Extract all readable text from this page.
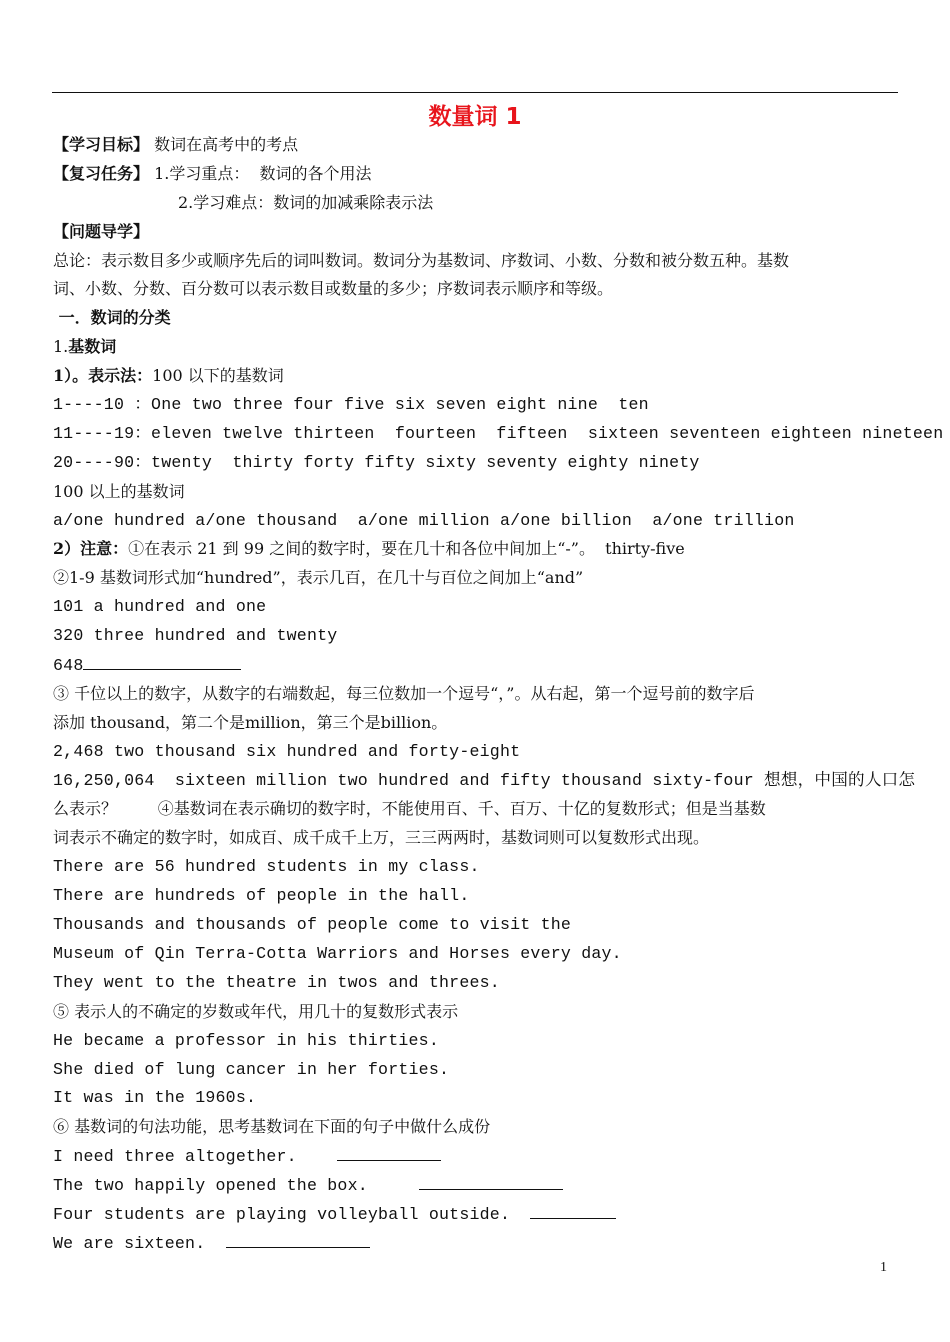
数量词 1
【学习目标】 数词在高考中的考点
【复习任务】 1.学习重点：  数词的各个用法
2.学习难点：数词的加减乘除表示法
【问题导学】
总论：表示数目多少或顺序先后的词叫数词。数词分为基数词、序数词、小数、分数和被分数五种。基数
词、小数、分数、百分数可以表示数目或数量的多少；序数词表示顺序和等级。
一．数词的分类
1.基数词
1）。表示法：100 以下的基数词
1----10 ：One two three four five six seven eight nine  ten
11----19：eleven twelve thirteen  fourteen  fifteen  sixteen seventeen eighteen nineteen
20----90：twenty  thirty forty fifty sixty seventy eighty ninety
100 以上的基数词
a/one hundred a/one thousand  a/one million a/one billion  a/one trillion
2）注意：①在表示 21 到 99 之间的数字时，要在几十和各位中间加上“-”。  thirty-five
②1-9 基数词形式加“hundred”，表示几百，在几十与百位之间加上“and”
101 a hundred and one
320 three hundred and twenty
648
③ 千位以上的数字，从数字的右端数起，每三位数加一个逗号“，”。从右起，第一个逗号前的数字后
添加 thousand，第二个是million，第三个是billion。
2,468 two thousand six hundred and forty-eight
16,250,064  sixteen million two hundred and fifty thousand sixty-four 想想，中国的人口怎
么表示？        ④基数词在表示确切的数字时，不能使用百、千、百万、十亿的复数形式；但是当基数
词表示不确定的数字时，如成百、成千成千上万，三三两两时，基数词则可以复数形式出现。
There are 56 hundred students in my class.
There are hundreds of people in the hall.
Thousands and thousands of people come to visit the
Museum of Qin Terra-Cotta Warriors and Horses every day.
They went to the theatre in twos and threes.
⑤ 表示人的不确定的岁数或年代，用几十的复数形式表示
He became a professor in his thirties.
She died of lung cancer in her forties.
It was in the 1960s.
⑥ 基数词的句法功能，思考基数词在下面的句子中做什么成份
I need three altogether.
The two happily opened the box.
Four students are playing volleyball outside.
We are sixteen.
1
